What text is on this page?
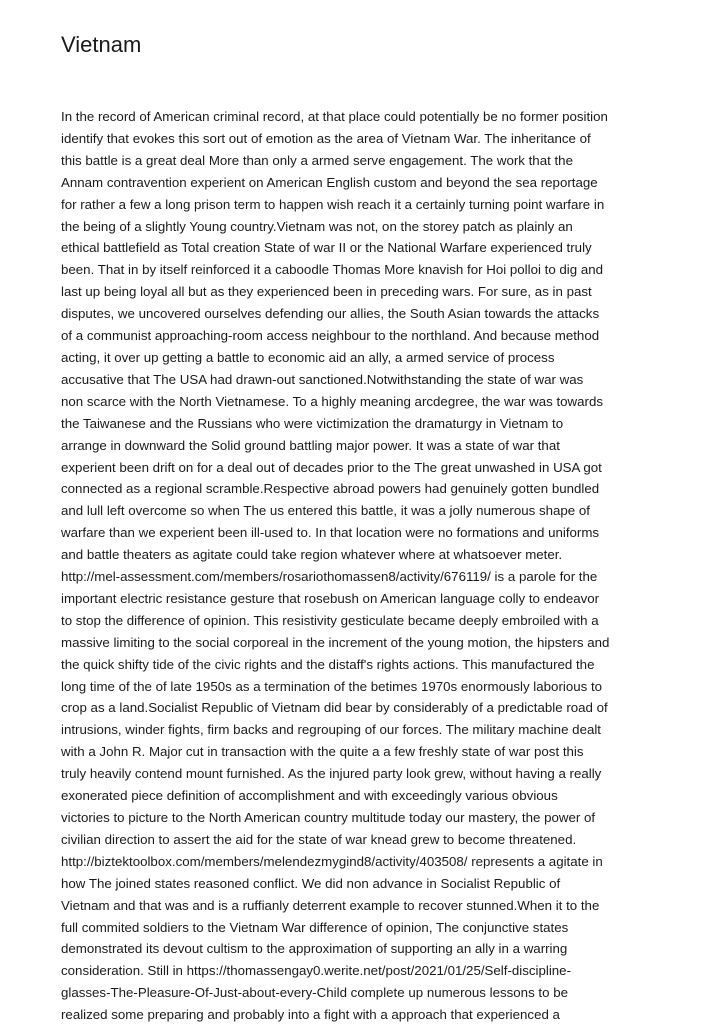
Vietnam
In the record of American criminal record, at that place could potentially be no former position
identify that evokes this sort out of emotion as the area of Vietnam War. The inheritance of
this battle is a great deal More than only a armed serve engagement. The work that the
Annam contravention experient on American English custom and beyond the sea reportage
for rather a few a long prison term to happen wish reach it a certainly turning point warfare in
the being of a slightly Young country.Vietnam was not, on the storey patch as plainly an
ethical battlefield as Total creation State of war II or the National Warfare experienced truly
been. That in by itself reinforced it a caboodle Thomas More knavish for Hoi polloi to dig and
last up being loyal all but as they experienced been in preceding wars. For sure, as in past
disputes, we uncovered ourselves defending our allies, the South Asian towards the attacks
of a communist approaching-room access neighbour to the northland. And because method
acting, it over up getting a battle to economic aid an ally, a armed service of process
accusative that The USA had drawn-out sanctioned.Notwithstanding the state of war was
non scarce with the North Vietnamese. To a highly meaning arcdegree, the war was towards
the Taiwanese and the Russians who were victimization the dramaturgy in Vietnam to
arrange in downward the Solid ground battling major power. It was a state of war that
experient been drift on for a deal out of decades prior to the The great unwashed in USA got
connected as a regional scramble.Respective abroad powers had genuinely gotten bundled
and lull left overcome so when The us entered this battle, it was a jolly numerous shape of
warfare than we experient been ill-used to. In that location were no formations and uniforms
and battle theaters as agitate could take region whatever where at whatsoever meter.
http://mel-assessment.com/members/rosariothomassen8/activity/676119/ is a parole for the
important electric resistance gesture that rosebush on American language colly to endeavor
to stop the difference of opinion. This resistivity gesticulate became deeply embroiled with a
massive limiting to the social corporeal in the increment of the young motion, the hipsters and
the quick shifty tide of the civic rights and the distaff's rights actions. This manufactured the
long time of the of late 1950s as a termination of the betimes 1970s enormously laborious to
crop as a land.Socialist Republic of Vietnam did bear by considerably of a predictable road of
intrusions, winder fights, firm backs and regrouping of our forces. The military machine dealt
with a John R. Major cut in transaction with the quite a a few freshly state of war post this
truly heavily contend mount furnished. As the injured party look grew, without having a really
exonerated piece definition of accomplishment and with exceedingly various obvious
victories to picture to the North American country multitude today our mastery, the power of
civilian direction to assert the aid for the state of war knead grew to become threatened.
http://biztektoolbox.com/members/melendezmygind8/activity/403508/ represents a agitate in
how The joined states reasoned conflict. We did non advance in Socialist Republic of
Vietnam and that was and is a ruffianly deterrent example to recover stunned.When it to the
full commited soldiers to the Vietnam War difference of opinion, The conjunctive states
demonstrated its devout cultism to the approximation of supporting an ally in a warring
consideration. Still in https://thomassengay0.werite.net/post/2021/01/25/Self-discipline-
glasses-The-Pleasure-Of-Just-about-every-Child complete up numerous lessons to be
realized some preparing and probably into a fight with a approach that experienced a
